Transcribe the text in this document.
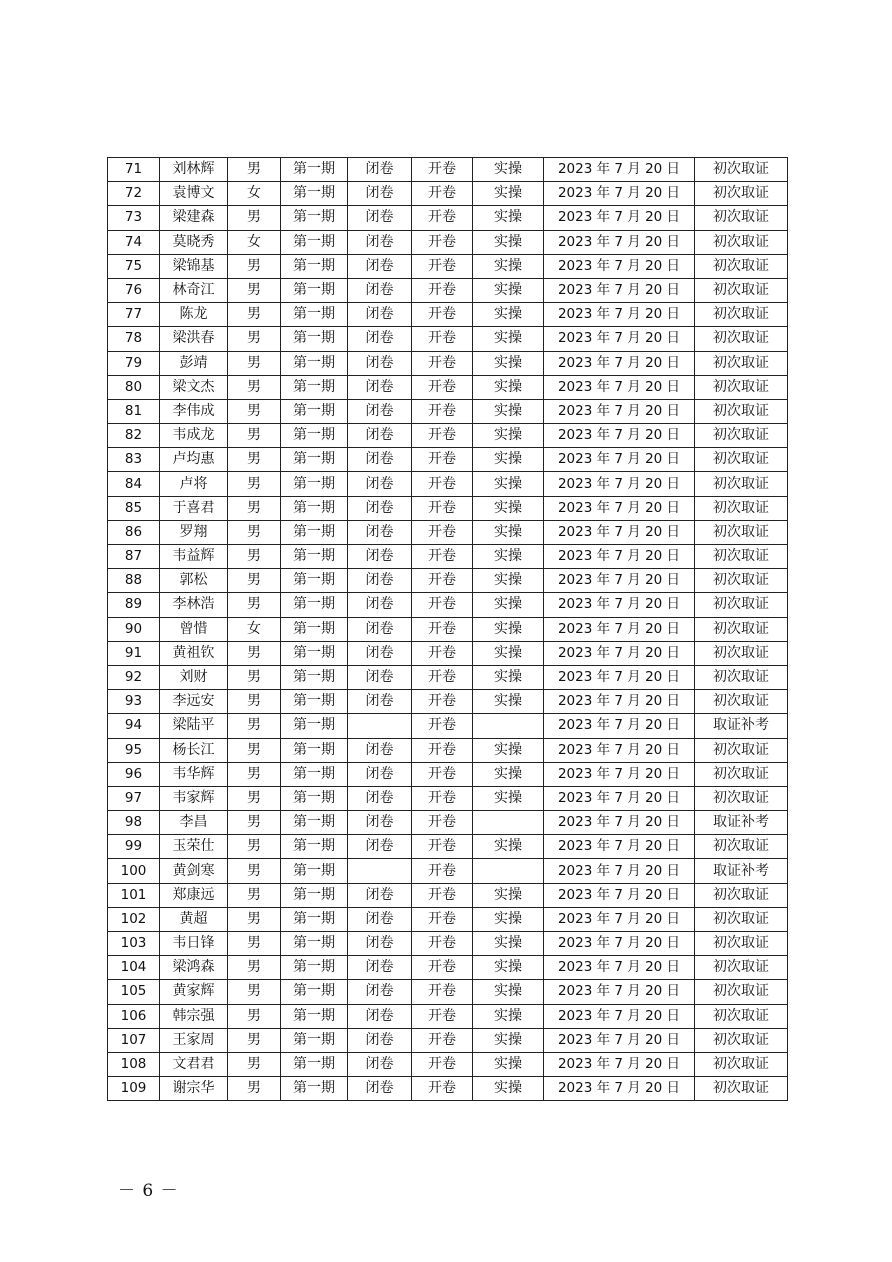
71	刘林辉	男	第一期	闭卷	开卷	实操	2023 年 7 月 20 日	初次取证
72	袁博文	女	第一期	闭卷	开卷	实操	2023 年 7 月 20 日	初次取证
73	梁建森	男	第一期	闭卷	开卷	实操	2023 年 7 月 20 日	初次取证
74	莫晓秀	女	第一期	闭卷	开卷	实操	2023 年 7 月 20 日	初次取证
75	梁锦基	男	第一期	闭卷	开卷	实操	2023 年 7 月 20 日	初次取证
76	林奇江	男	第一期	闭卷	开卷	实操	2023 年 7 月 20 日	初次取证
77	陈龙	男	第一期	闭卷	开卷	实操	2023 年 7 月 20 日	初次取证
78	梁洪春	男	第一期	闭卷	开卷	实操	2023 年 7 月 20 日	初次取证
79	彭靖	男	第一期	闭卷	开卷	实操	2023 年 7 月 20 日	初次取证
80	梁文杰	男	第一期	闭卷	开卷	实操	2023 年 7 月 20 日	初次取证
81	李伟成	男	第一期	闭卷	开卷	实操	2023 年 7 月 20 日	初次取证
82	韦成龙	男	第一期	闭卷	开卷	实操	2023 年 7 月 20 日	初次取证
83	卢均惠	男	第一期	闭卷	开卷	实操	2023 年 7 月 20 日	初次取证
84	卢将	男	第一期	闭卷	开卷	实操	2023 年 7 月 20 日	初次取证
85	于喜君	男	第一期	闭卷	开卷	实操	2023 年 7 月 20 日	初次取证
86	罗翔	男	第一期	闭卷	开卷	实操	2023 年 7 月 20 日	初次取证
87	韦益辉	男	第一期	闭卷	开卷	实操	2023 年 7 月 20 日	初次取证
88	郭松	男	第一期	闭卷	开卷	实操	2023 年 7 月 20 日	初次取证
89	李林浩	男	第一期	闭卷	开卷	实操	2023 年 7 月 20 日	初次取证
90	曾惜	女	第一期	闭卷	开卷	实操	2023 年 7 月 20 日	初次取证
91	黄祖钦	男	第一期	闭卷	开卷	实操	2023 年 7 月 20 日	初次取证
92	刘财	男	第一期	闭卷	开卷	实操	2023 年 7 月 20 日	初次取证
93	李远安	男	第一期	闭卷	开卷	实操	2023 年 7 月 20 日	初次取证
94	梁陆平	男	第一期		开卷		2023 年 7 月 20 日	取证补考
95	杨长江	男	第一期	闭卷	开卷	实操	2023 年 7 月 20 日	初次取证
96	韦华辉	男	第一期	闭卷	开卷	实操	2023 年 7 月 20 日	初次取证
97	韦家辉	男	第一期	闭卷	开卷	实操	2023 年 7 月 20 日	初次取证
98	李昌	男	第一期	闭卷	开卷		2023 年 7 月 20 日	取证补考
99	玉荣仕	男	第一期	闭卷	开卷	实操	2023 年 7 月 20 日	初次取证
100	黄剑寒	男	第一期		开卷		2023 年 7 月 20 日	取证补考
101	郑康远	男	第一期	闭卷	开卷	实操	2023 年 7 月 20 日	初次取证
102	黄超	男	第一期	闭卷	开卷	实操	2023 年 7 月 20 日	初次取证
103	韦日锋	男	第一期	闭卷	开卷	实操	2023 年 7 月 20 日	初次取证
104	梁鸿森	男	第一期	闭卷	开卷	实操	2023 年 7 月 20 日	初次取证
105	黄家辉	男	第一期	闭卷	开卷	实操	2023 年 7 月 20 日	初次取证
106	韩宗强	男	第一期	闭卷	开卷	实操	2023 年 7 月 20 日	初次取证
107	王家周	男	第一期	闭卷	开卷	实操	2023 年 7 月 20 日	初次取证
108	文君君	男	第一期	闭卷	开卷	实操	2023 年 7 月 20 日	初次取证
109	谢宗华	男	第一期	闭卷	开卷	实操	2023 年 7 月 20 日	初次取证
－ 6 －
